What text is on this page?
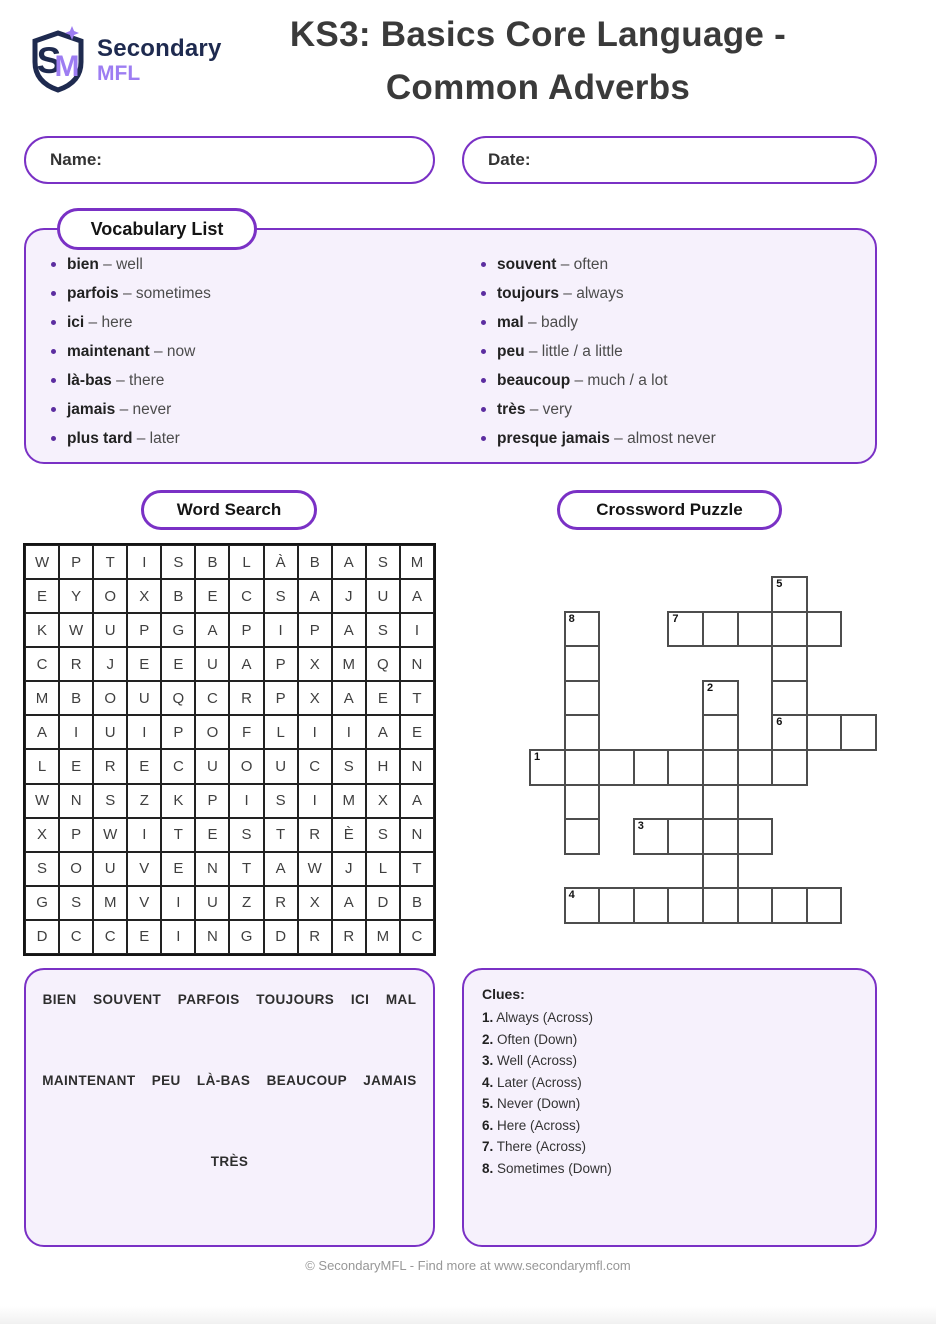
S
M
Secondary
MFL
KS3: Basics Core Language -
Common Adverbs
Name:	Date:
Vocabulary List
bien – well
parfois – sometimes
ici – here
maintenant – now
là-bas – there
jamais – never
plus tard – later
souvent – often
toujours – always
mal – badly
peu – little / a little
beaucoup – much / a lot
très – very
presque jamais – almost never
Word Search	Crossword Puzzle
W	P	T	I	S	B	L	À	B	A	S	M
E	Y	O	X	B	E	C	S	A	J	U	A
K	W	U	P	G	A	P	I	P	A	S	I
C	R	J	E	E	U	A	P	X	M	Q	N
M	B	O	U	Q	C	R	P	X	A	E	T
A	I	U	I	P	O	F	L	I	I	A	E
L	E	R	E	C	U	O	U	C	S	H	N
W	N	S	Z	K	P	I	S	I	M	X	A
X	P	W	I	T	E	S	T	R	È	S	N
S	O	U	V	E	N	T	A	W	J	L	T
G	S	M	V	I	U	Z	R	X	A	D	B
D	C	C	E	I	N	G	D	R	R	M	C
5
8	7
2
6
1
3
4
BIEN SOUVENT PARFOIS TOUJOURS ICI MAL
MAINTENANT PEU LÀ-BAS BEAUCOUP JAMAIS
TRÈS
Clues:
1. Always (Across)
2. Often (Down)
3. Well (Across)
4. Later (Across)
5. Never (Down)
6. Here (Across)
7. There (Across)
8. Sometimes (Down)
© SecondaryMFL - Find more at www.secondarymfl.com
